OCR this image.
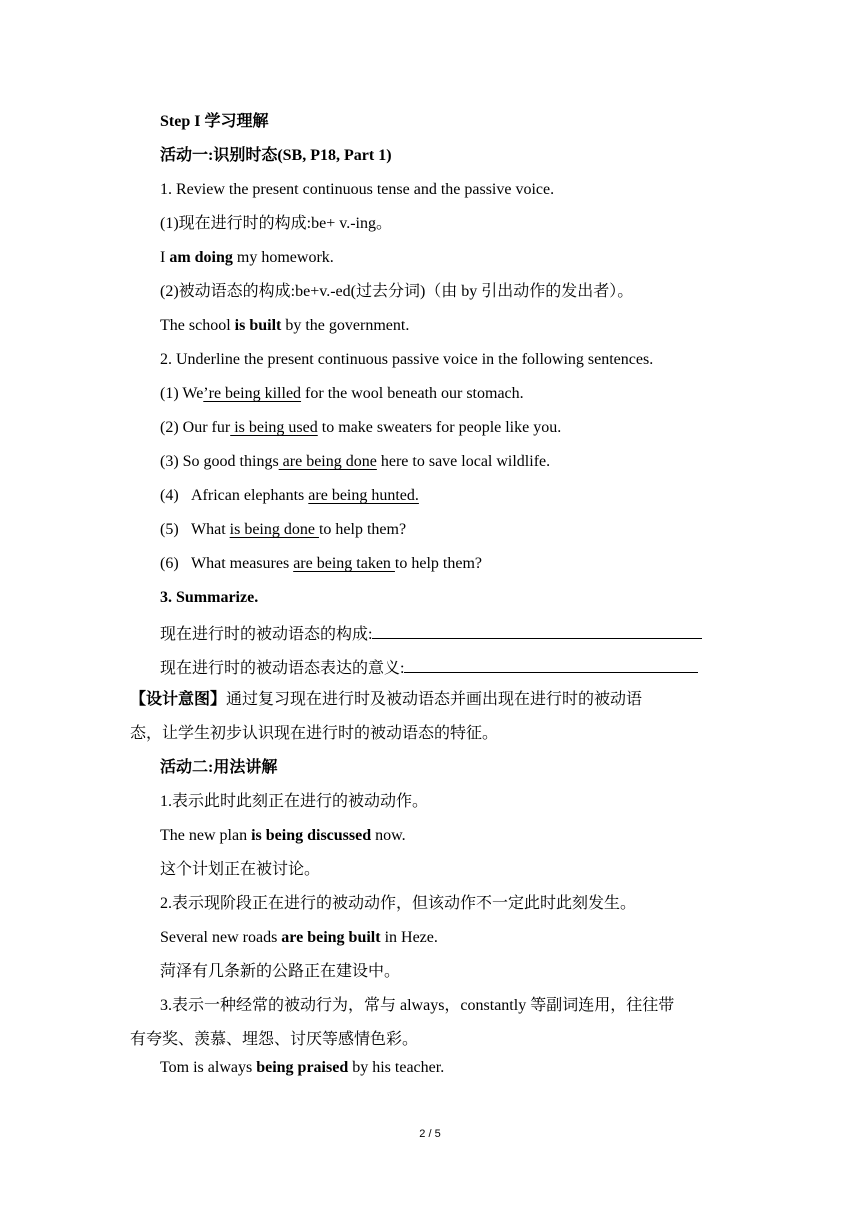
Step I 学习理解
活动一:识别时态(SB, P18, Part 1)
1. Review the present continuous tense and the passive voice.
(1)现在进行时的构成:be+ v.-ing。
I am doing my homework.
(2)被动语态的构成:be+v.-ed(过去分词)（由 by 引出动作的发出者）。
The school is built by the government.
2. Underline the present continuous passive voice in the following sentences.
(1) We’re being killed for the wool beneath our stomach.
(2) Our fur is being used to make sweaters for people like you.
(3) So good things are being done here to save local wildlife.
(4) African elephants are being hunted.
(5) What is being done to help them?
(6) What measures are being taken to help them?
3. Summarize.
现在进行时的被动语态的构成:
现在进行时的被动语态表达的意义:
【设计意图】通过复习现在进行时及被动语态并画出现在进行时的被动语
态，让学生初步认识现在进行时的被动语态的特征。
活动二:用法讲解
1.表示此时此刻正在进行的被动动作。
The new plan is being discussed now.
这个计划正在被讨论。
2.表示现阶段正在进行的被动动作，但该动作不一定此时此刻发生。
Several new roads are being built in Heze.
菏泽有几条新的公路正在建设中。
3.表示一种经常的被动行为，常与 always，constantly 等副词连用，往往带
有夸奖、羡慕、埋怨、讨厌等感情色彩。
Tom is always being praised by his teacher.
2 / 5
